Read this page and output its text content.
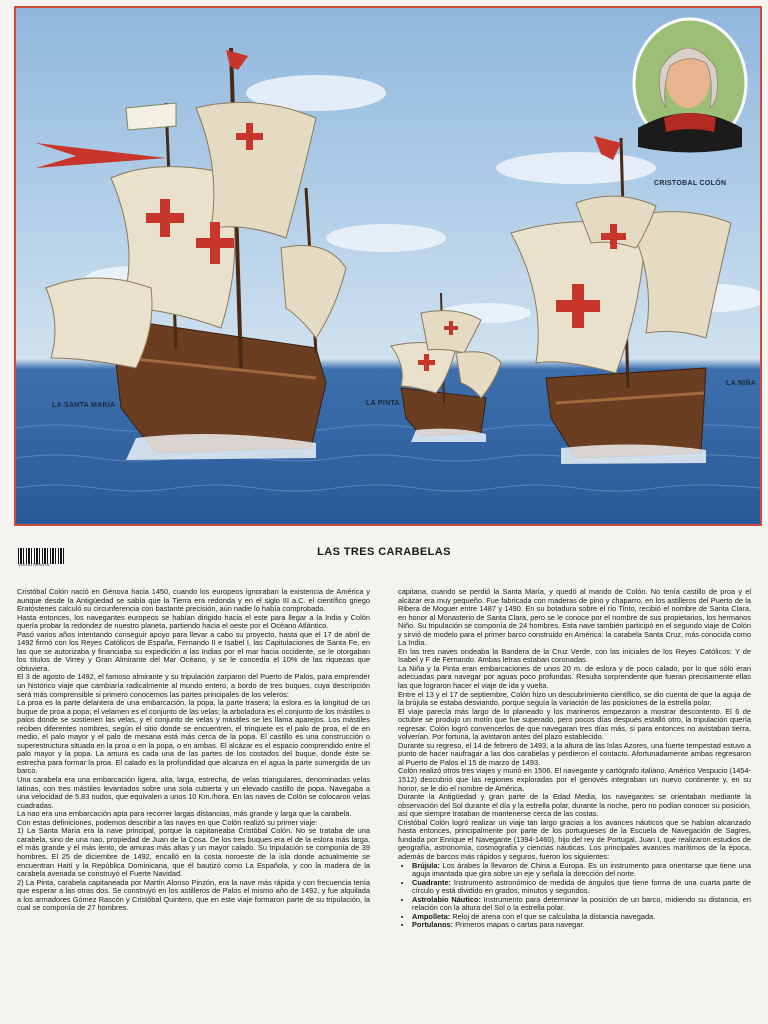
LA SANTA MARÍA	LA PINTA
LA NIÑA
CRISTOBAL COLÓN
1201917001379
LAS TRES CARABELAS

Cristóbal Colón nació en Génova hacia 1450, cuando los europeos ignoraban la existencia de América y aunque desde la Antigüedad se sabía que la Tierra era redonda y en el siglo III a.C. el científico griego Eratóstenes calculó su circunferencia con bastante precisión, aún nadie lo había comprobado.

Hasta entonces, los navegantes europeos se habían dirigido hacia el este para llegar a la India y Colón quería probar la redondez de nuestro planeta, partiendo hacia el oeste por el Océano Atlántico.

Pasó varios años intentando conseguir apoyo para llevar a cabo su proyecto, hasta que el 17 de abril de 1492 firmó con los Reyes Católicos de España, Fernando II e Isabel I, las Capitulaciones de Santa Fe, en las que se autorizaba y financiaba su expedición a las Indias por el mar hacia occidente, se le otorgaban los títulos de Virrey y Gran Almirante del Mar Océano, y se le concedía el 10% de las riquezas que obtuviera.

El 3 de agosto de 1492, el famoso almirante y su tripulación zarparon del Puerto de Palos, para emprender un histórico viaje que cambiaría radicalmente al mundo entero, a bordo de tres buques, cuya descripción será más comprensible si primero conocemos las partes principales de los veleros:

La proa es la parte delantera de una embarcación, la popa, la parte trasera; la eslora es la longitud de un buque de proa a popa; el velamen es el conjunto de las velas; la arboladura es el conjunto de los mástiles o palos donde se sostienen las velas, y el conjunto de velas y mástiles se les llama aparejos. Los mástiles reciben diferentes nombres, según el sitio donde se encuentren, el trinquete es el palo de proa, el de en medio, el palo mayor y el palo de mesana está más cerca de la popa. El castillo es una construcción o superestructura situada en la proa o en la popa, o en ambas. El alcázar es el espacio comprendido entre el palo mayor y la popa. La amura es cada una de las partes de los costados del buque, donde éste se estrecha para formar la proa. El calado es la profundidad que alcanza en el agua la parte sumergida de un barco.

Una carabela era una embarcación ligera, alta, larga, estrecha, de velas triangulares, denominadas velas latinas, con tres mástiles levantados sobre una sola cubierta y un elevado castillo de popa. Navegaba a una velocidad de 5.83 nudos, que equivalen a unos 10 Km./hora. En las naves de Colón se colocaron velas cuadradas.

La nao era una embarcación apta para recorrer largas distancias, más grande y larga que la carabela.

Con estas definiciones, podemos describir a las naves en que Colón realizó su primer viaje:

1) La Santa María era la nave principal, porque la capitaneaba Cristóbal Colón. No se trataba de una carabela, sino de una nao, propiedad de Juan de la Cosa. De los tres buques era el de la eslora más larga, el más grande y el más lento, de amuras más altas y un mayor calado. Su tripulación se componía de 39 hombres. El 25 de diciembre de 1492, encalló en la costa noroeste de la isla donde actualmente se encuentran Haití y la República Dominicana, que él bautizó como La Española, y con la madera de la carabela averiada se construyó el Fuerte Navidad.

2) La Pinta, carabela capitaneada por Martín Alonso Pinzón, era la nave más rápida y con frecuencia tenía que esperar a las otras dos. Se construyó en los astilleros de Palos el mismo año de 1492, y fue alquilada a los armadores Gómez Rascón y Cristóbal Quintero, que en este viaje formaron parte de su tripulación, la cual se componía de 27 hombres.

capitana, cuando se perdió la Santa María, y quedó al mando de Colón. No tenía castillo de proa y el alcázar era muy pequeño. Fue fabricada con maderas de pino y chaparro, en los astilleros del Puerto de la Ribera de Moguer entre 1487 y 1490. En su botadura sobre el río Tinto, recibió el nombre de Santa Clara, en honor al Monasterio de Santa Clara, pero se le conoce por el nombre de sus propietarios, los hermanos Niño. Su tripulación se componía de 24 hombres. Esta nave también participó en el segundo viaje de Colón y sirvió de modelo para el primer barco construido en América: la carabela Santa Cruz, más conocida como La India.

En las tres naves ondeaba la Bandera de la Cruz Verde, con las iniciales de los Reyes Católicos: Y de Isabel y F de Fernando. Ambas letras estaban coronadas.

La Niña y la Pinta eran embarcaciones de unos 20 m. de eslora y de poco calado, por lo que sólo eran adecuadas para navegar por aguas poco profundas. Resulta sorprendente que fueran precisamente ellas las que lograron hacer el viaje de ida y vuelta.

Entre el 13 y el 17 de septiembre, Colón hizo un descubrimiento científico, se dio cuenta de que la aguja de la brújula se estaba desviando, porque seguía la variación de las posiciones de la estrella polar.

El viaje parecía más largo de lo planeado y los marineros empezaron a mostrar descontento. El 6 de octubre se produjo un motín que fue superado, pero pocos días después estalló otro, la tripulación quería regresar. Colón logró convencerlos de que navegaran tres días más, si para entonces no avistaban tierra, volverían. Por fortuna, la avistaron antes del plazo establecido.

Durante su regreso, el 14 de febrero de 1493, a la altura de las Islas Azores, una fuerte tempestad estuvo a punto de hacer naufragar a las dos carabelas y perdieron el contacto. Afortunadamente ambas regresaron al Puerto de Palos el 15 de marzo de 1493.

Colón realizó otros tres viajes y murió en 1506. El navegante y cartógrafo italiano, Américo Vespucio (1454-1512) descubrió que las regiones exploradas por el genovés integraban un nuevo continente y, en su honor, se le dio el nombre de América.

Durante la Antigüedad y gran parte de la Edad Media, los navegantes se orientaban mediante la observación del Sol durante el día y la estrella polar, durante la noche, pero no podían conocer su posición, así que siempre trataban de mantenerse cerca de las costas.

Cristóbal Colón logró realizar un viaje tan largo gracias a los avances náuticos que se habían alcanzado hasta entonces, principalmente por parte de los portugueses de la Escuela de Navegación de Sagres, fundada por Enrique el Navegante (1394-1460), hijo del rey de Portugal, Juan I, que realizaron estudios de geografía, astronomía, cosmografía y ciencias náuticas. Los principales avances marítimos de la época, además de barcos más rápidos y seguros, fueron los siguientes:

• Brújula: Los árabes la llevaron de China a Europa. Es un instrumento para orientarse que tiene una aguja imantada que gira sobre un eje y señala la dirección del norte.
• Cuadrante: Instrumento astronómico de medida de ángulos que tiene forma de una cuarta parte de círculo y está dividido en grados, minutos y segundos.
• Astrolabio Náutico: Instrumento para determinar la posición de un barco, midiendo su distancia, en relación con la altura del Sol o la estrella polar.
• Ampolleta: Reloj de arena con el que se calculaba la distancia navegada.
• Portulanos: Primeros mapas o cartas para navegar.
